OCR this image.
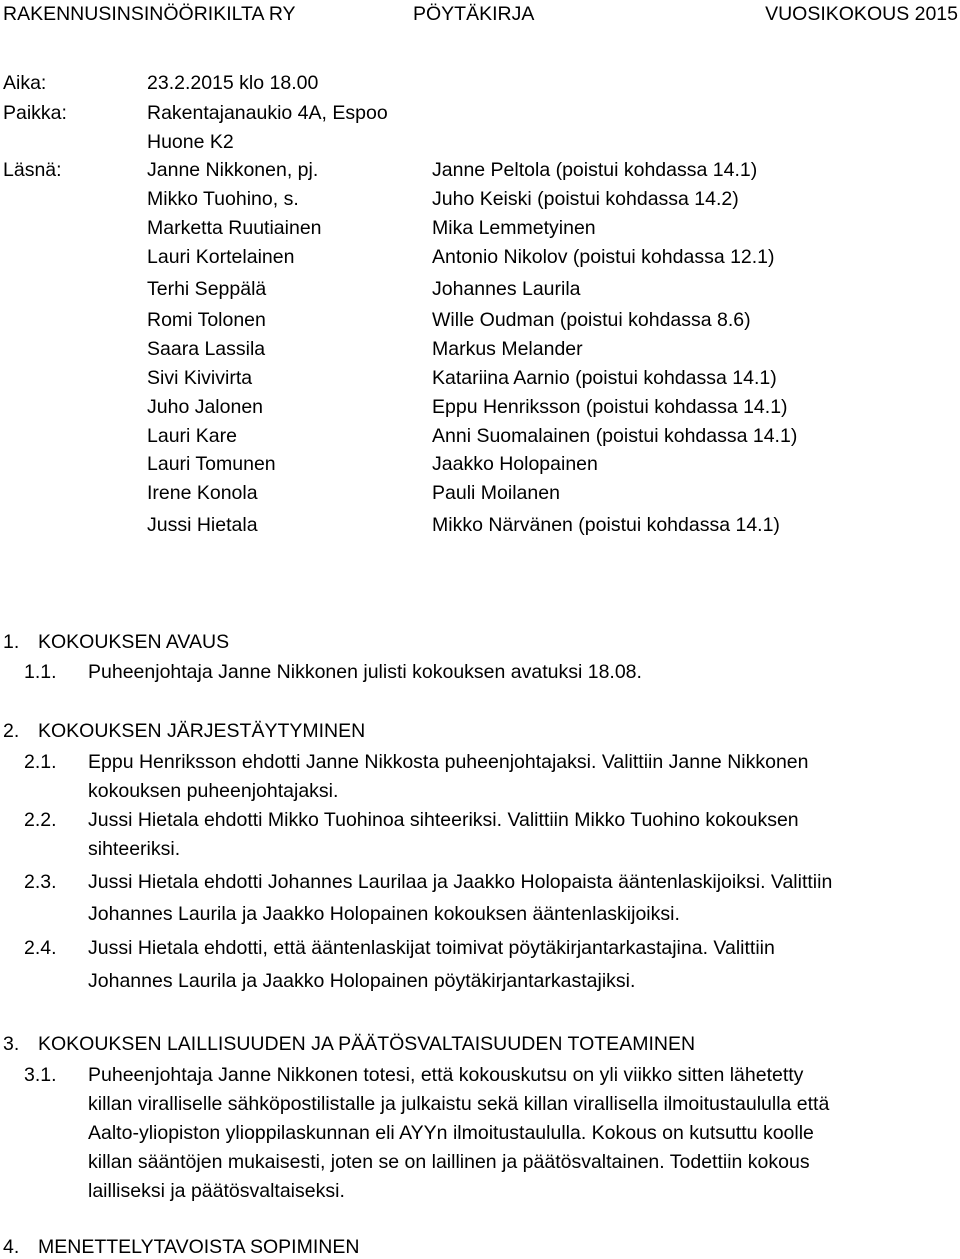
RAKENNUSINSINÖÖRIKILTA RY	PÖYTÄKIRJA	VUOSIKOKOUS 2015
Aika:	23.2.2015 klo 18.00
Paikka:	Rakentajanaukio 4A, Espoo
Huone K2
Läsnä:	Janne Nikkonen, pj.	Janne Peltola (poistui kohdassa 14.1)
Mikko Tuohino, s.	Juho Keiski (poistui kohdassa 14.2)
Marketta Ruutiainen	Mika Lemmetyinen
Lauri Kortelainen	Antonio Nikolov (poistui kohdassa 12.1)
Terhi Seppälä	Johannes Laurila
Romi Tolonen	Wille Oudman (poistui kohdassa 8.6)
Saara Lassila	Markus Melander
Sivi Kivivirta	Katariina Aarnio (poistui kohdassa 14.1)
Juho Jalonen	Eppu Henriksson (poistui kohdassa 14.1)
Lauri Kare	Anni Suomalainen (poistui kohdassa 14.1)
Lauri Tomunen	Jaakko Holopainen
Irene Konola	Pauli Moilanen
Jussi Hietala	Mikko Närvänen (poistui kohdassa 14.1)
1. KOKOUKSEN AVAUS
1.1. Puheenjohtaja Janne Nikkonen julisti kokouksen avatuksi 18.08.
2. KOKOUKSEN JÄRJESTÄYTYMINEN
2.1. Eppu Henriksson ehdotti Janne Nikkosta puheenjohtajaksi. Valittiin Janne Nikkonen
kokouksen puheenjohtajaksi.
2.2. Jussi Hietala ehdotti Mikko Tuohinoa sihteeriksi. Valittiin Mikko Tuohino kokouksen
sihteeriksi.
2.3. Jussi Hietala ehdotti Johannes Laurilaa ja Jaakko Holopaista ääntenlaskijoiksi. Valittiin
Johannes Laurila ja Jaakko Holopainen kokouksen ääntenlaskijoiksi.
2.4. Jussi Hietala ehdotti, että ääntenlaskijat toimivat pöytäkirjantarkastajina. Valittiin
Johannes Laurila ja Jaakko Holopainen pöytäkirjantarkastajiksi.
3. KOKOUKSEN LAILLISUUDEN JA PÄÄTÖSVALTAISUUDEN TOTEAMINEN
3.1. Puheenjohtaja Janne Nikkonen totesi, että kokouskutsu on yli viikko sitten lähetetty
killan viralliselle sähköpostilistalle ja julkaistu sekä killan virallisella ilmoitustaululla että
Aalto-yliopiston ylioppilaskunnan eli AYYn ilmoitustaululla. Kokous on kutsuttu koolle
killan sääntöjen mukaisesti, joten se on laillinen ja päätösvaltainen. Todettiin kokous
lailliseksi ja päätösvaltaiseksi.
4. MENETTELYTAVOISTA SOPIMINEN
